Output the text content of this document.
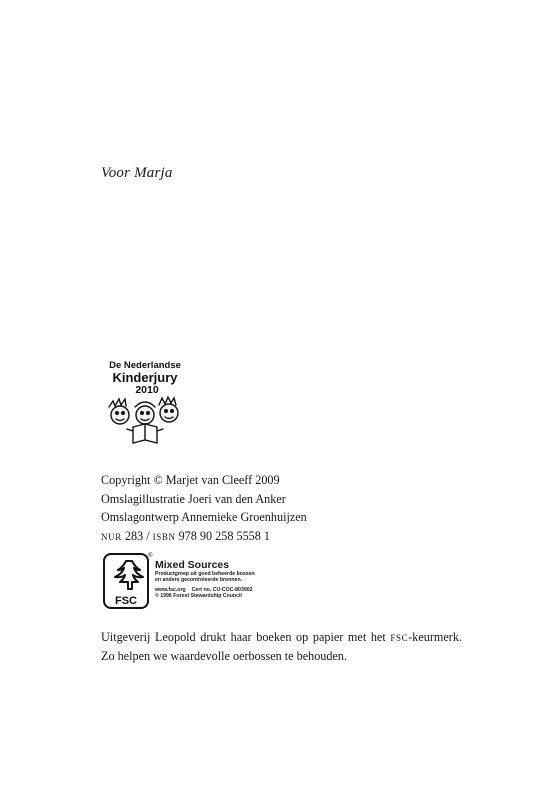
Voor Marja
De Nederlandse
Kinderjury
2010
Copyright © Marjet van Cleeff 2009
Omslagillustratie Joeri van den Anker
Omslagontwerp Annemieke Groenhuijzen
nur 283 / isbn 978 90 258 5558 1
FSC
Mixed Sources
Productgroep uit goed beheerde bossen
en andere gecontroleerde bronnen.
www.fsc.org Cert no. CU-COC-803902
© 1996 Forest Stewardship Council
®
Uitgeverij Leopold drukt haar boeken op papier met het fsc-keurmerk. Zo helpen we waardevolle oerbossen te behouden.
